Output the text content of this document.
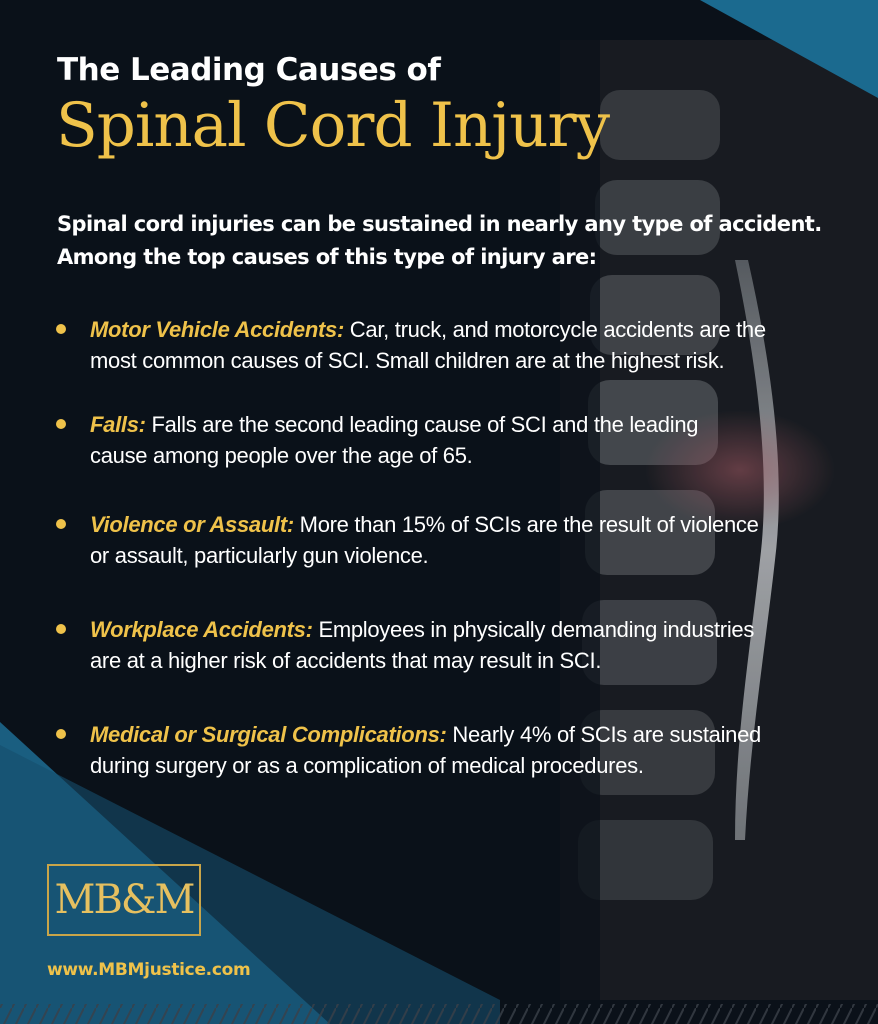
The Leading Causes of
Spinal Cord Injury

Spinal cord injuries can be sustained in nearly any type of accident.
Among the top causes of this type of injury are:

Motor Vehicle Accidents: Car, truck, and motorcycle accidents are the
most common causes of SCI. Small children are at the highest risk.
Falls: Falls are the second leading cause of SCI and the leading
cause among people over the age of 65.
Violence or Assault: More than 15% of SCIs are the result of violence
or assault, particularly gun violence.
Workplace Accidents: Employees in physically demanding industries
are at a higher risk of accidents that may result in SCI.
Medical or Surgical Complications: Nearly 4% of SCIs are sustained
during surgery or as a complication of medical procedures.
MB&M
www.MBMjustice.com
